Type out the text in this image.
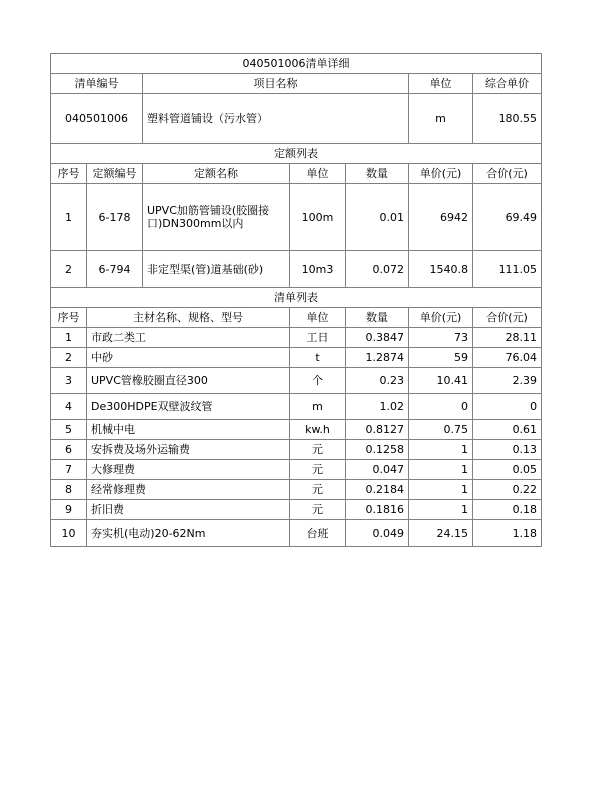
040501006清单详细						
清单编号		项目名称			单位	综合单价
040501006		塑料管道铺设（污水管）			m	180.55
定额列表						
序号	定额编号	定额名称	单位	数量	单价(元)	合价(元)
1	6-178	UPVC加筋管铺设(胶圈接口)DN300mm以内	100m	0.01	6942	69.49
2	6-794	非定型渠(管)道基础(砂)	10m3	0.072	1540.8	111.05
清单列表						
序号	主材名称、规格、型号		单位	数量	单价(元)	合价(元)
1	市政二类工		工日	0.3847	73	28.11
2	中砂		t	1.2874	59	76.04
3	UPVC管橡胶圈直径300		个	0.23	10.41	2.39
4	De300HDPE双壁波纹管		m	1.02	0	0
5	机械中电		kw.h	0.8127	0.75	0.61
6	安拆费及场外运输费		元	0.1258	1	0.13
7	大修理费		元	0.047	1	0.05
8	经常修理费		元	0.2184	1	0.22
9	折旧费		元	0.1816	1	0.18
10	夯实机(电动)20-62Nm		台班	0.049	24.15	1.18
